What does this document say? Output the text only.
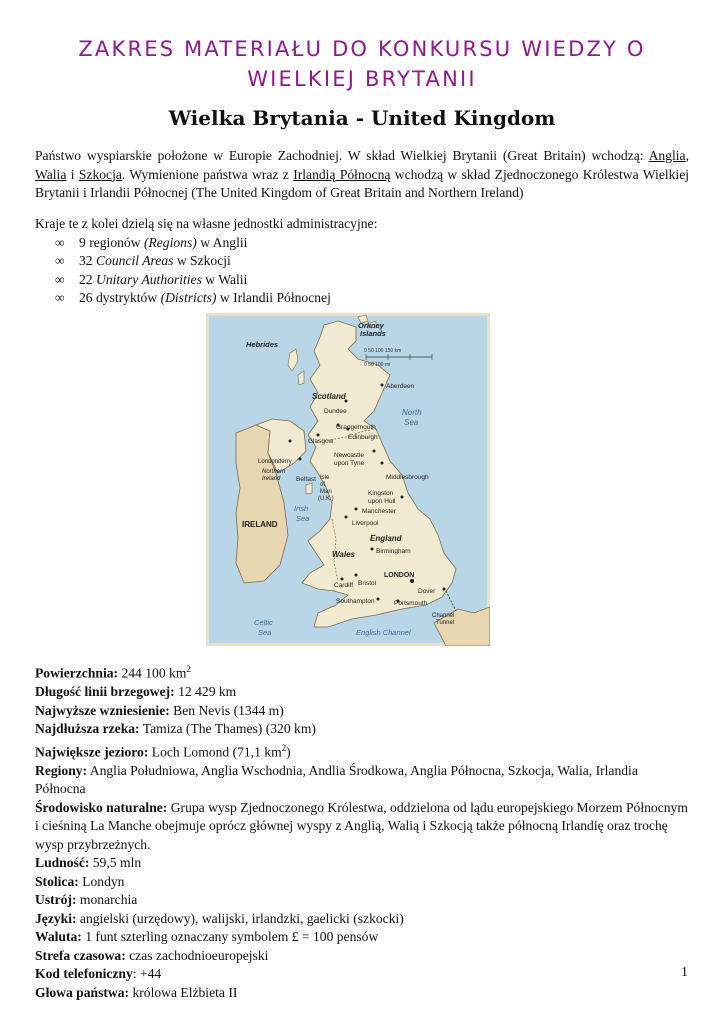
ZAKRES MATERIAŁU DO KONKURSU WIEDZY O
WIELKIEJ BRYTANII
Wielka Brytania - United Kingdom
Państwo wyspiarskie położone w Europie Zachodniej. W skład Wielkiej Brytanii (Great Britain) wchodzą: Anglia, Walia i Szkocja. Wymienione państwa wraz z Irlandią Północną wchodzą w skład Zjednoczonego Królestwa Wielkiej Brytanii i Irlandii Północnej (The United Kingdom of Great Britain and Northern Ireland)
Kraje te z kolei dzielą się na własne jednostki administracyjne:
∞ 9 regionów (Regions) w Anglii
∞ 32 Council Areas w Szkocji
∞ 22 Unitary Authorities w Walii
∞ 26 dystryktów (Districts) w Irlandii Północnej
0 50 100 150 km
0 50 100 mi
Orkney
Islands
Hebrides
Aberdeen
Scotland
Dundee	North
Sea
Grangemouth
Edinburgh
Glasgow
Newcastle
upon Tyne
Londonderry
Northern
Ireland Belfast	Middlesbrough
Isle
of
Man
(U.K.)
Kingston
upon Hull
Irish
Sea
Manchester
Liverpool
IRELAND
England
Birmingham
Wales
LONDON
Cardiff Bristol
Dover
Southampton	Portsmouth
Celtic
Sea	English Channel
Channel
Tunnel

Powierzchnia: 244 100 $km^2$

Długość linii brzegowej: 12 429 km

Najwyższe wzniesienie: Ben Nevis (1344 m)

Najdłuższa rzeka: Tamiza (The Thames) (320 km)

Największe jezioro: Loch Lomond (71,1 $km^2$)

Regiony: Anglia Południowa, Anglia Wschodnia, Andlia Środkowa, Anglia Północna, Szkocja, Walia, Irlandia Północna

Środowisko naturalne: Grupa wysp Zjednoczonego Królestwa, oddzielona od lądu europejskiego Morzem Północnym i cieśniną La Manche obejmuje oprócz głównej wyspy z Anglią, Walią i Szkocją także północną Irlandię oraz trochę wysp przybrzeżnych.

Ludność: 59,5 mln

Stolica: Londyn

Ustrój: monarchia

Języki: angielski (urzędowy), walijski, irlandzki, gaelicki (szkocki)

Waluta: 1 funt szterling oznaczany symbolem £ = 100 pensów

Strefa czasowa: czas zachodnioeuropejski

Kod telefoniczny: +44

Głowa państwa: królowa Elżbieta II

1
